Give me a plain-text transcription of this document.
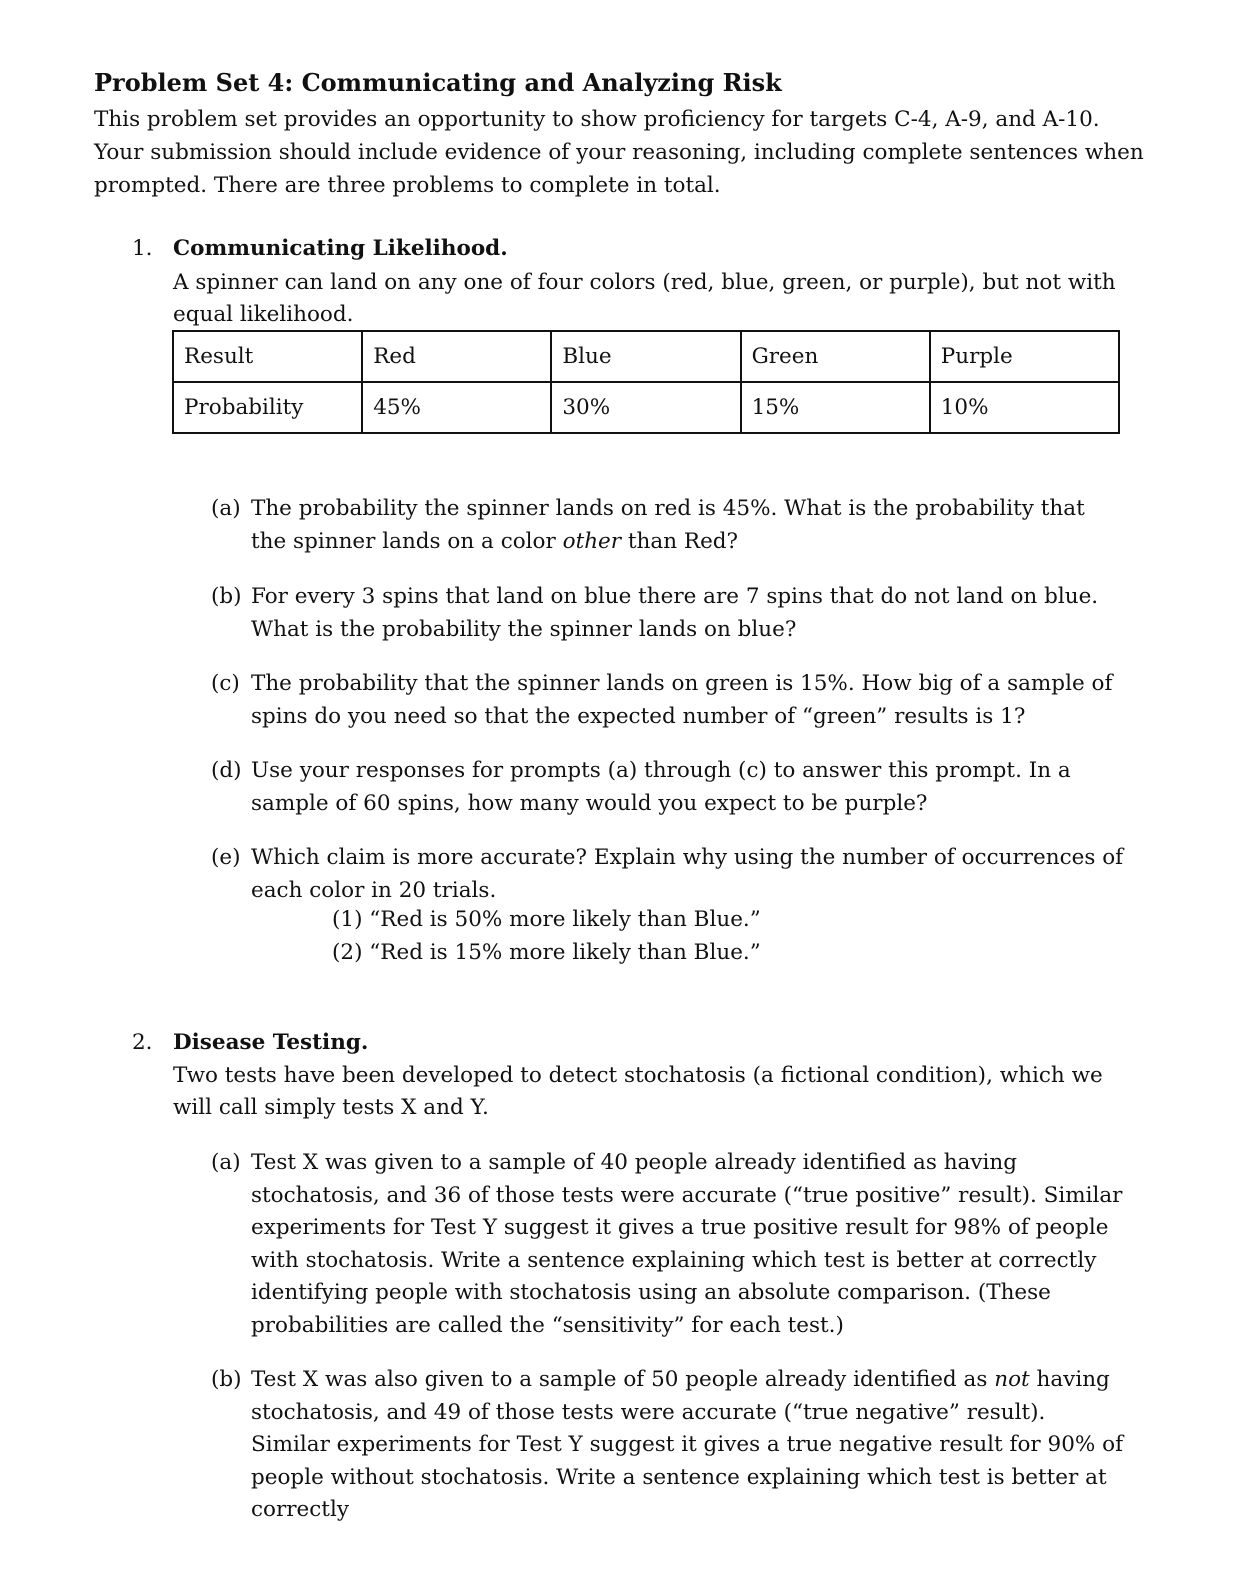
Problem Set 4: Communicating and Analyzing Risk

This problem set provides an opportunity to show proficiency for targets C-4, A-9, and A-10. Your submission should include evidence of your reasoning, including complete sentences when prompted. There are three problems to complete in total.

1. Communicating Likelihood.

A spinner can land on any one of four colors (red, blue, green, or purple), but not with equal likelihood.

Result	Red	Blue	Green	Purple
Probability	45%	30%	15%	10%
(a) The probability the spinner lands on red is 45%. What is the probability that the spinner lands on a color other than Red?
(b) For every 3 spins that land on blue there are 7 spins that do not land on blue. What is the probability the spinner lands on blue?
(c) The probability that the spinner lands on green is 15%. How big of a sample of spins do you need so that the expected number of “green” results is 1?
(d) Use your responses for prompts (a) through (c) to answer this prompt. In a sample of 60 spins, how many would you expect to be purple?
(e) Which claim is more accurate? Explain why using the number of occurrences of each color in 20 trials.
(1) “Red is 50% more likely than Blue.”
(2) “Red is 15% more likely than Blue.”
2. Disease Testing.

Two tests have been developed to detect stochatosis (a fictional condition), which we will call simply tests X and Y.

(a) Test X was given to a sample of 40 people already identified as having stochatosis, and 36 of those tests were accurate (“true positive” result). Similar experiments for Test Y suggest it gives a true positive result for 98% of people with stochatosis. Write a sentence explaining which test is better at correctly identifying people with stochatosis using an absolute comparison. (These probabilities are called the “sensitivity” for each test.)
(b) Test X was also given to a sample of 50 people already identified as not having stochatosis, and 49 of those tests were accurate (“true negative” result). Similar experiments for Test Y suggest it gives a true negative result for 90% of people without stochatosis. Write a sentence explaining which test is better at correctly
